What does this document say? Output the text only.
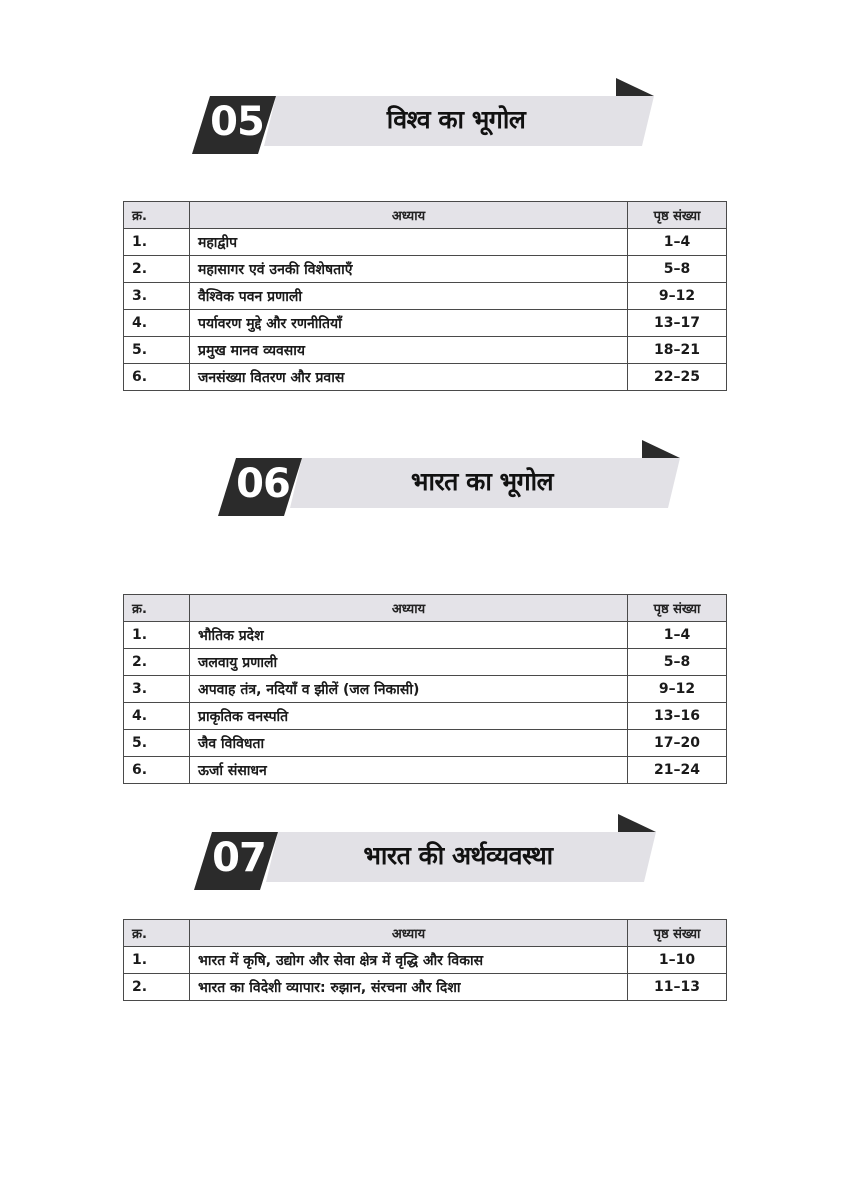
05	विश्व का भूगोल
क्र.	अध्याय	पृष्ठ संख्या
1.	महाद्वीप	1–4
2.	महासागर एवं उनकी विशेषताएँ	5–8
3.	वैश्विक पवन प्रणाली	9–12
4.	पर्यावरण मुद्दे और रणनीतियाँ	13–17
5.	प्रमुख मानव व्यवसाय	18–21
6.	जनसंख्या वितरण और प्रवास	22–25
06	भारत का भूगोल
क्र.	अध्याय	पृष्ठ संख्या
1.	भौतिक प्रदेश	1–4
2.	जलवायु प्रणाली	5–8
3.	अपवाह तंत्र, नदियाँ व झीलें (जल निकासी)	9–12
4.	प्राकृतिक वनस्पति	13–16
5.	जैव विविधता	17–20
6.	ऊर्जा संसाधन	21–24
07	भारत की अर्थव्यवस्था
क्र.	अध्याय	पृष्ठ संख्या
1.	भारत में कृषि, उद्योग और सेवा क्षेत्र में वृद्धि और विकास	1–10
2.	भारत का विदेशी व्यापार: रुझान, संरचना और दिशा	11–13
